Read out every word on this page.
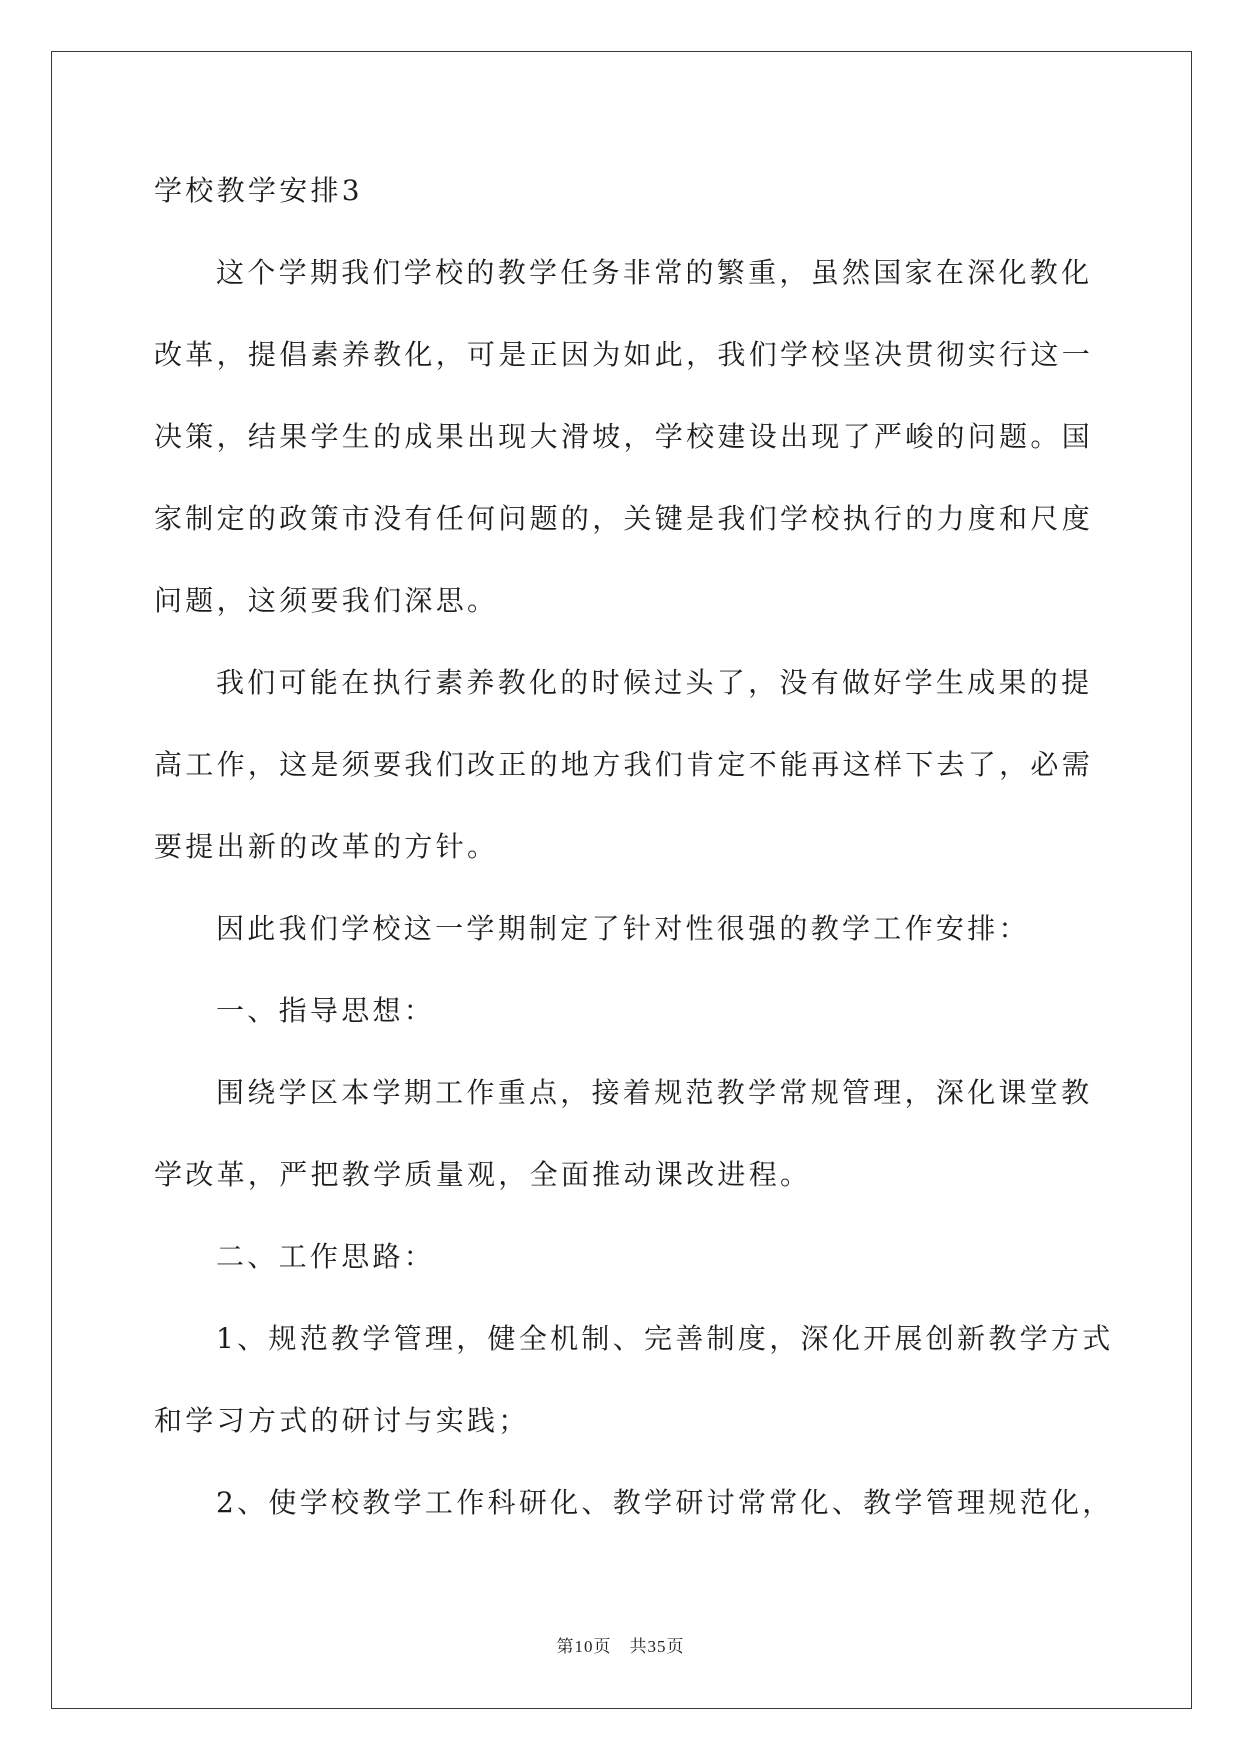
学校教学安排3
这个学期我们学校的教学任务非常的繁重，虽然国家在深化教化
改革，提倡素养教化，可是正因为如此，我们学校坚决贯彻实行这一
决策，结果学生的成果出现大滑坡，学校建设出现了严峻的问题。国
家制定的政策市没有任何问题的，关键是我们学校执行的力度和尺度
问题，这须要我们深思。
我们可能在执行素养教化的时候过头了，没有做好学生成果的提
高工作，这是须要我们改正的地方我们肯定不能再这样下去了，必需
要提出新的改革的方针。
因此我们学校这一学期制定了针对性很强的教学工作安排：
一、指导思想：
围绕学区本学期工作重点，接着规范教学常规管理，深化课堂教
学改革，严把教学质量观，全面推动课改进程。
二、工作思路：
1、规范教学管理，健全机制、完善制度，深化开展创新教学方式
和学习方式的研讨与实践；
2、使学校教学工作科研化、教学研讨常常化、教学管理规范化，
第10页　共35页
